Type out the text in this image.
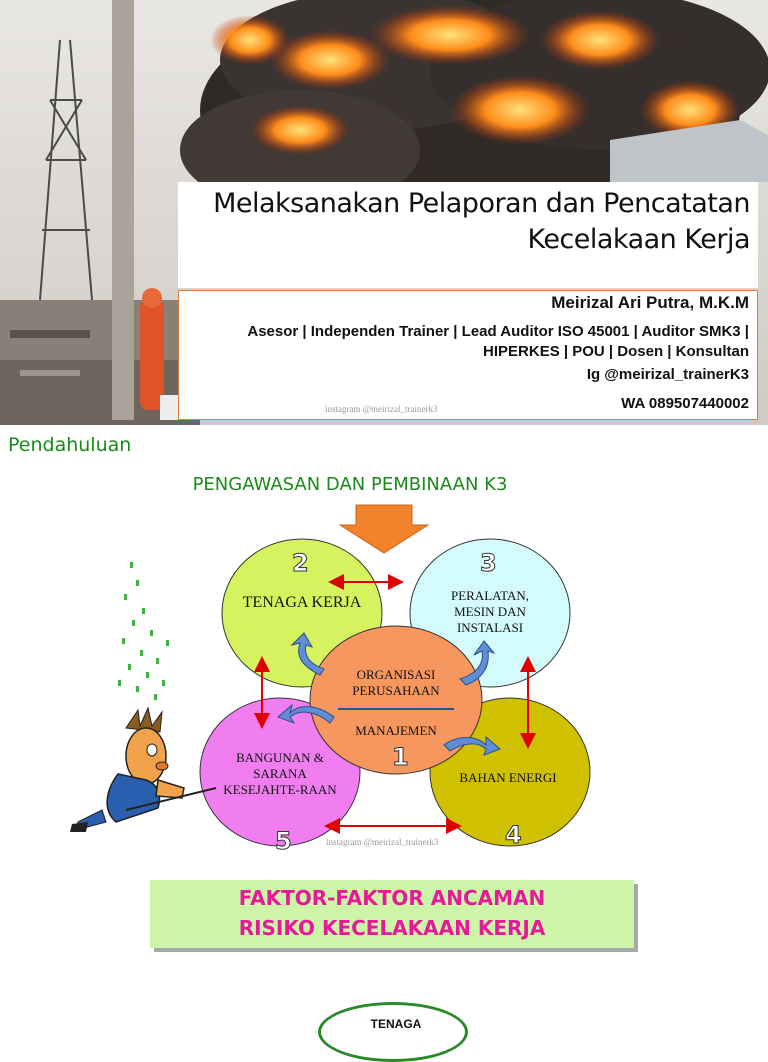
Melaksanakan Pelaporan dan Pencatatan Kecelakaan Kerja
Meirizal Ari Putra, M.K.M
Asesor | Independen Trainer | Lead Auditor ISO 45001 | Auditor SMK3 | HIPERKES | POU | Dosen | Konsultan
Ig @meirizal_trainerK3
WA 089507440002
instagram @meirizal_trainerk3
Pendahuluan
PENGAWASAN DAN PEMBINAAN K3
2
TENAGA KERJA
3
PERALATAN, MESIN DAN INSTALASI
ORGANISASI PERUSAHAAN
MANAJEMEN
1
BANGUNAN & SARANA KESEJAHTE-RAAN
5
BAHAN ENERGI
4
instagram @meirizal_trainerk3
FAKTOR-FAKTOR ANCAMAN
RISIKO KECELAKAAN KERJA
TENAGA
